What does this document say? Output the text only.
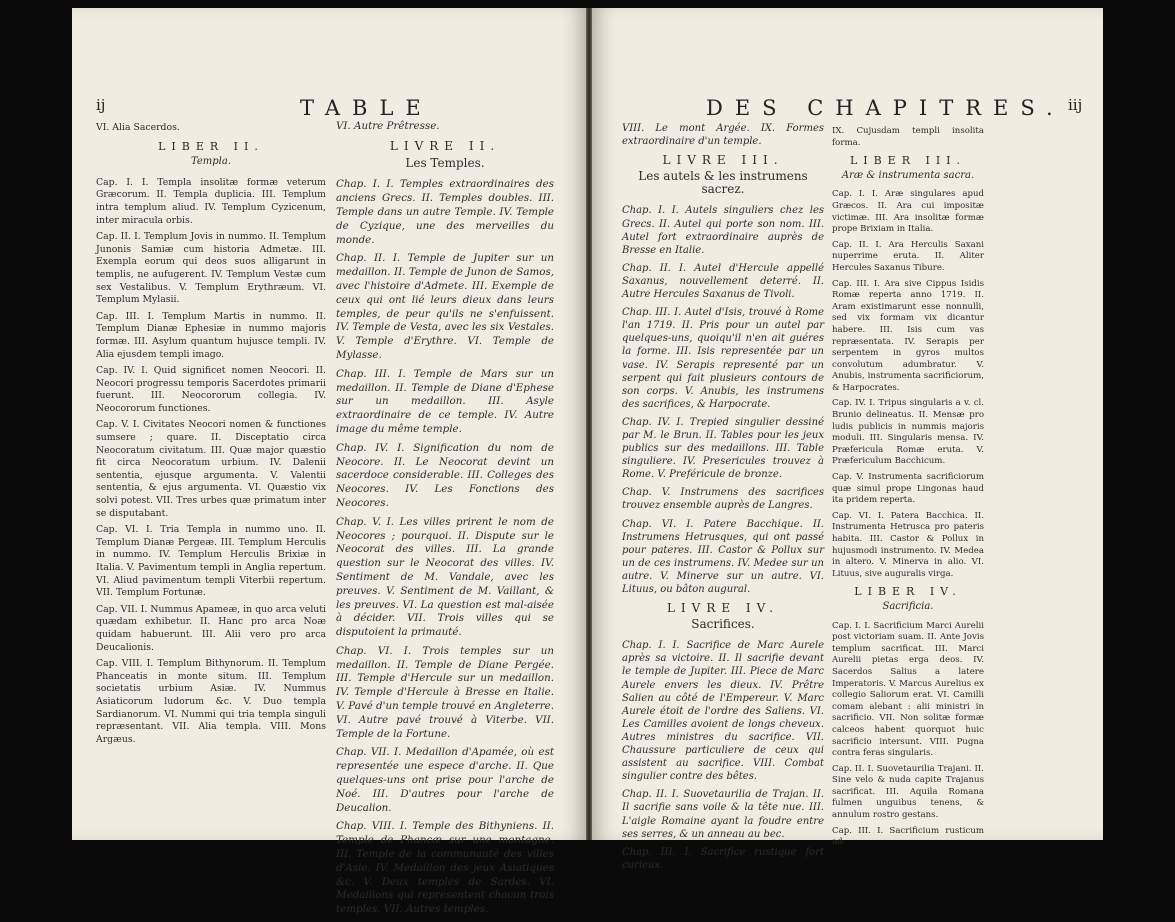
ij	TABLE

VI. Alia Sacerdos.

LIBER II.
Templa.

Cap. I. I. Templa insolitæ formæ veterum Græcorum. II. Templa duplicia. III. Templum intra templum aliud. IV. Templum Cyzicenum, inter miracula orbis.

Cap. II. I. Templum Jovis in nummo. II. Templum Junonis Samiæ cum historia Admetæ. III. Exempla eorum qui deos suos alligarunt in templis, ne aufugerent. IV. Templum Vestæ cum sex Vestalibus. V. Templum Erythræum. VI. Templum Mylasii.

Cap. III. I. Templum Martis in nummo. II. Templum Dianæ Ephesiæ in nummo majoris formæ. III. Asylum quantum hujusce templi. IV. Alia ejusdem templi imago.

Cap. IV. I. Quid significet nomen Neocori. II. Neocori progressu temporis Sacerdotes primarii fuerunt. III. Neocororum collegia. IV. Neocororum functiones.

Cap. V. I. Civitates Neocori nomen & functiones sumsere ; quare. II. Disceptatio circa Neocoratum civitatum. III. Quæ major quæstio fit circa Neocoratum urbium. IV. Dalenii sententia, ejusque argumenta. V. Valentii sententia, & ejus argumenta. VI. Quæstio vix solvi potest. VII. Tres urbes quæ primatum inter se disputabant.

Cap. VI. I. Tria Templa in nummo uno. II. Templum Dianæ Pergeæ. III. Templum Herculis in nummo. IV. Templum Herculis Brixiæ in Italia. V. Pavimentum templi in Anglia repertum. VI. Aliud pavimentum templi Viterbii repertum. VII. Templum Fortunæ.

Cap. VII. I. Nummus Apameæ, in quo arca veluti quædam exhibetur. II. Hanc pro arca Noæ quidam habuerunt. III. Alii vero pro arca Deucalionis.

Cap. VIII. I. Templum Bithynorum. II. Templum Phanceatis in monte situm. III. Templum societatis urbium Asiæ. IV. Nummus Asiaticorum ludorum &c. V. Duo templa Sardianorum. VI. Nummi qui tria templa singuli repræsentant. VII. Alia templa. VIII. Mons Argæus.

VI. Autre Prêtresse.

LIVRE II.
Les Temples.

Chap. I. I. Temples extraordinaires des anciens Grecs. II. Temples doubles. III. Temple dans un autre Temple. IV. Temple de Cyzique, une des merveilles du monde.

Chap. II. I. Temple de Jupiter sur un medaillon. II. Temple de Junon de Samos, avec l'histoire d'Admete. III. Exemple de ceux qui ont lié leurs dieux dans leurs temples, de peur qu'ils ne s'enfuissent. IV. Temple de Vesta, avec les six Vestales. V. Temple d'Erythre. VI. Temple de Mylasse.

Chap. III. I. Temple de Mars sur un medaillon. II. Temple de Diane d'Ephese sur un medaillon. III. Asyle extraordinaire de ce temple. IV. Autre image du même temple.

Chap. IV. I. Signification du nom de Neocore. II. Le Neocorat devint un sacerdoce considerable. III. Colleges des Neocores. IV. Les Fonctions des Neocores.

Chap. V. I. Les villes prirent le nom de Neocores ; pourquoi. II. Dispute sur le Neocorat des villes. III. La grande question sur le Neocorat des villes. IV. Sentiment de M. Vandale, avec les preuves. V. Sentiment de M. Vaillant, & les preuves. VI. La question est mal-aisée à décider. VII. Trois villes qui se disputoient la primauté.

Chap. VI. I. Trois temples sur un medaillon. II. Temple de Diane Pergée. III. Temple d'Hercule sur un medaillon. IV. Temple d'Hercule à Bresse en Italie. V. Pavé d'un temple trouvé en Angleterre. VI. Autre pavé trouvé à Viterbe. VII. Temple de la Fortune.

Chap. VII. I. Medaillon d'Apamée, où est representée une espece d'arche. II. Que quelques-uns ont prise pour l'arche de Noé. III. D'autres pour l'arche de Deucalion.

Chap. VIII. I. Temple des Bithyniens. II. Temple de Phancæ sur une montagne. III. Temple de la communauté des villes d'Asie. IV. Medaillon des jeux Asiatiques &c. V. Deux temples de Sardes. VI. Medaillons qui representent chacun trois temples. VII. Autres temples.

DES CHAPITRES. iij

VIII. Le mont Argée. IX. Formes extraordinaire d'un temple.

LIVRE III.
Les autels & les instrumens sacrez.

Chap. I. I. Autels singuliers chez les Grecs. II. Autel qui porte son nom. III. Autel fort extraordinaire auprès de Bresse en Italie.

Chap. II. I. Autel d'Hercule appellé Saxanus, nouvellement deterré. II. Autre Hercules Saxanus de Tivoli.

Chap. III. I. Autel d'Isis, trouvé à Rome l'an 1719. II. Pris pour un autel par quelques-uns, quoiqu'il n'en ait guéres la forme. III. Isis representée par un vase. IV. Serapis representé par un serpent qui fait plusieurs contours de son corps. V. Anubis, les instrumens des sacrifices, & Harpocrate.

Chap. IV. I. Trepied singulier dessiné par M. le Brun. II. Tables pour les jeux publics sur des medaillons. III. Table singuliere. IV. Presericules trouvez à Rome. V. Preféricule de bronze.

Chap. V. Instrumens des sacrifices trouvez ensemble auprès de Langres.

Chap. VI. I. Patere Bacchique. II. Instrumens Hetrusques, qui ont passé pour pateres. III. Castor & Pollux sur un de ces instrumens. IV. Medee sur un autre. V. Minerve sur un autre. VI. Lituus, ou bâton augural.

LIVRE IV.
Sacrifices.

Chap. I. I. Sacrifice de Marc Aurele après sa victoire. II. Il sacrifie devant le temple de Jupiter. III. Piece de Marc Aurele envers les dieux. IV. Prêtre Salien au côté de l'Empereur. V. Marc Aurele étoit de l'ordre des Saliens. VI. Les Camilles avoient de longs cheveux. Autres ministres du sacrifice. VII. Chaussure particuliere de ceux qui assistent au sacrifice. VIII. Combat singulier contre des bêtes.

Chap. II. I. Suovetaurilia de Trajan. II. Il sacrifie sans voile & la tête nue. III. L'aigle Romaine ayant la foudre entre ses serres, & un anneau au bec.

Chap. III. I. Sacrifice rustique fort curieux.

IX. Cujusdam templi insolita forma.

LIBER III.
Aræ & instrumenta sacra.

Cap. I. I. Aræ singulares apud Græcos. II. Ara cui impositæ victimæ. III. Ara insolitæ formæ prope Brixiam in Italia.

Cap. II. I. Ara Herculis Saxani nuperrime eruta. II. Aliter Hercules Saxanus Tibure.

Cap. III. I. Ara sive Cippus Isidis Romæ reperta anno 1719. II. Aram existimarunt esse nonnulli, sed vix formam vix dicantur habere. III. Isis cum vas repræsentata. IV. Serapis per serpentem in gyros multos convolutum adumbratur. V. Anubis, instrumenta sacrificiorum, & Harpocrates.

Cap. IV. I. Tripus singularis a v. cl. Brunio delineatus. II. Mensæ pro ludis publicis in nummis majoris moduli. III. Singularis mensa. IV. Præfericula Romæ eruta. V. Præfericulum Bacchicum.

Cap. V. Instrumenta sacrificiorum quæ simul prope Lingonas haud ita pridem reperta.

Cap. VI. I. Patera Bacchica. II. Instrumenta Hetrusca pro pateris habita. III. Castor & Pollux in hujusmodi instrumento. IV. Medea in altero. V. Minerva in alio. VI. Lituus, sive auguralis virga.

LIBER IV.
Sacrificia.

Cap. I. I. Sacrificium Marci Aurelii post victoriam suam. II. Ante Jovis templum sacrificat. III. Marci Aurelii pietas erga deos. IV. Sacerdos Salius a latere Imperatoris. V. Marcus Aurelius ex collegio Saliorum erat. VI. Camilli comam alebant : alii ministri in sacrificio. VII. Non solitæ formæ calceos habent quorquot huic sacrificio intersunt. VIII. Pugna contra feras singularis.

Cap. II. I. Suovetaurilia Trajani. II. Sine velo & nuda capite Trajanus sacrificat. III. Aquila Romana fulmen unguibus tenens, & annulum rostro gestans.

Cap. III. I. Sacrificium rusticum ad-
